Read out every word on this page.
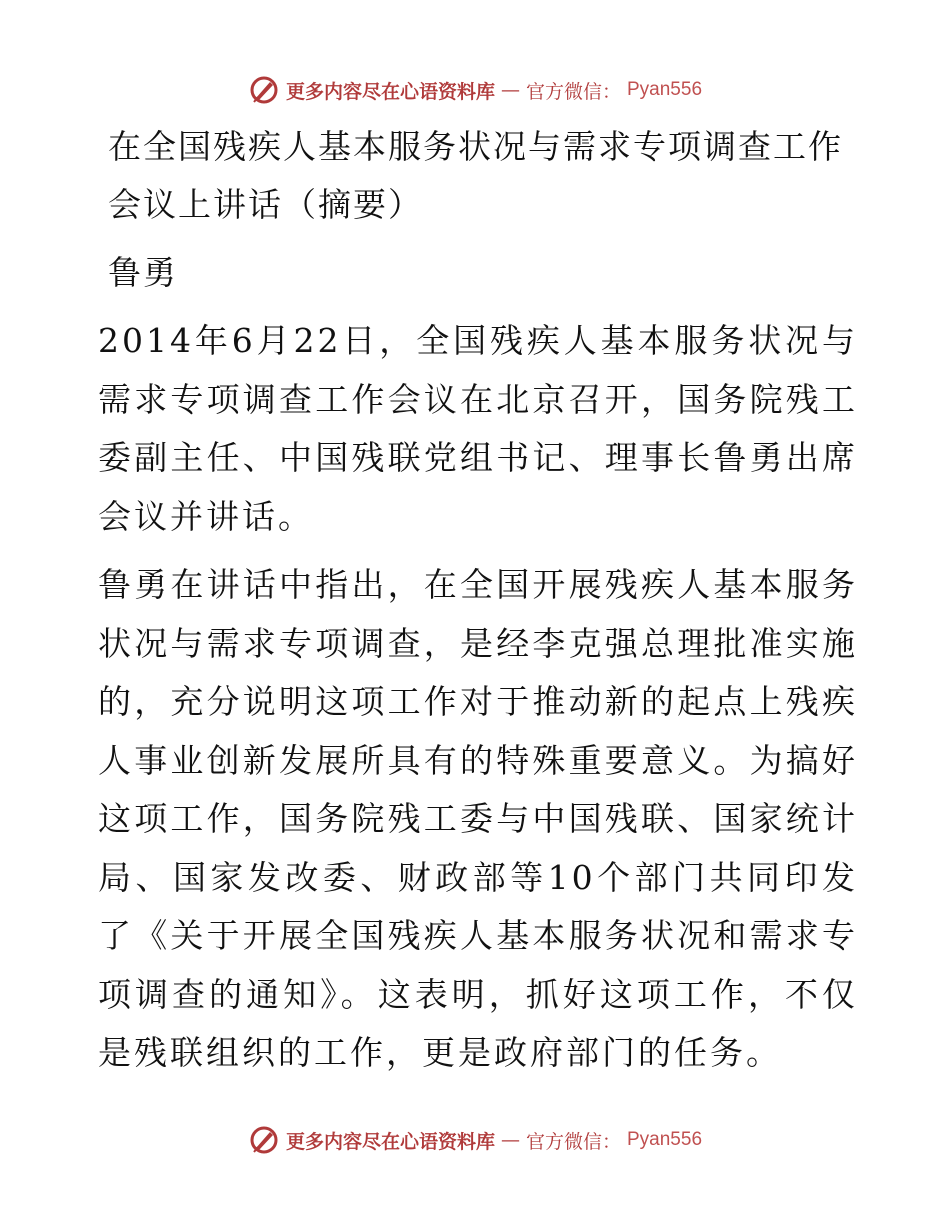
更多内容尽在心语资料库 — 官方微信： Pyan556
在全国残疾人基本服务状况与需求专项调查工作会议上讲话（摘要）
鲁勇

2014年6月22日，全国残疾人基本服务状况与需求专项调查工作会议在北京召开，国务院残工委副主任、中国残联党组书记、理事长鲁勇出席会议并讲话。

鲁勇在讲话中指出，在全国开展残疾人基本服务状况与需求专项调查，是经李克强总理批准实施的，充分说明这项工作对于推动新的起点上残疾人事业创新发展所具有的特殊重要意义。为搞好这项工作，国务院残工委与中国残联、国家统计局、国家发改委、财政部等10个部门共同印发了《关于开展全国残疾人基本服务状况和需求专项调查的通知》。这表明，抓好这项工作，不仅是残联组织的工作，更是政府部门的任务。

更多内容尽在心语资料库 — 官方微信： Pyan556
